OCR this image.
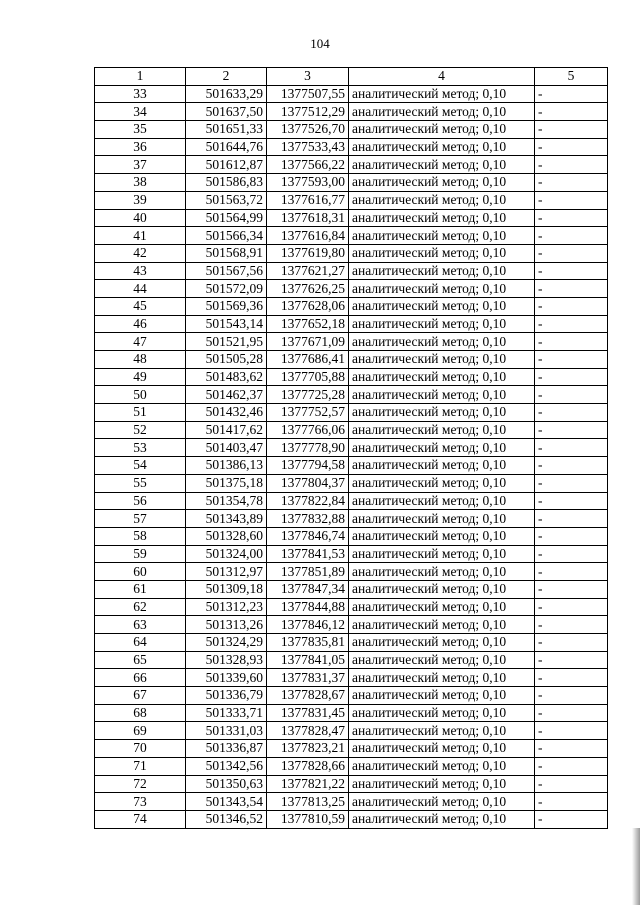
104
1	2	3	4	5
33	501633,29	1377507,55	аналитический метод; 0,10	-
34	501637,50	1377512,29	аналитический метод; 0,10	-
35	501651,33	1377526,70	аналитический метод; 0,10	-
36	501644,76	1377533,43	аналитический метод; 0,10	-
37	501612,87	1377566,22	аналитический метод; 0,10	-
38	501586,83	1377593,00	аналитический метод; 0,10	-
39	501563,72	1377616,77	аналитический метод; 0,10	-
40	501564,99	1377618,31	аналитический метод; 0,10	-
41	501566,34	1377616,84	аналитический метод; 0,10	-
42	501568,91	1377619,80	аналитический метод; 0,10	-
43	501567,56	1377621,27	аналитический метод; 0,10	-
44	501572,09	1377626,25	аналитический метод; 0,10	-
45	501569,36	1377628,06	аналитический метод; 0,10	-
46	501543,14	1377652,18	аналитический метод; 0,10	-
47	501521,95	1377671,09	аналитический метод; 0,10	-
48	501505,28	1377686,41	аналитический метод; 0,10	-
49	501483,62	1377705,88	аналитический метод; 0,10	-
50	501462,37	1377725,28	аналитический метод; 0,10	-
51	501432,46	1377752,57	аналитический метод; 0,10	-
52	501417,62	1377766,06	аналитический метод; 0,10	-
53	501403,47	1377778,90	аналитический метод; 0,10	-
54	501386,13	1377794,58	аналитический метод; 0,10	-
55	501375,18	1377804,37	аналитический метод; 0,10	-
56	501354,78	1377822,84	аналитический метод; 0,10	-
57	501343,89	1377832,88	аналитический метод; 0,10	-
58	501328,60	1377846,74	аналитический метод; 0,10	-
59	501324,00	1377841,53	аналитический метод; 0,10	-
60	501312,97	1377851,89	аналитический метод; 0,10	-
61	501309,18	1377847,34	аналитический метод; 0,10	-
62	501312,23	1377844,88	аналитический метод; 0,10	-
63	501313,26	1377846,12	аналитический метод; 0,10	-
64	501324,29	1377835,81	аналитический метод; 0,10	-
65	501328,93	1377841,05	аналитический метод; 0,10	-
66	501339,60	1377831,37	аналитический метод; 0,10	-
67	501336,79	1377828,67	аналитический метод; 0,10	-
68	501333,71	1377831,45	аналитический метод; 0,10	-
69	501331,03	1377828,47	аналитический метод; 0,10	-
70	501336,87	1377823,21	аналитический метод; 0,10	-
71	501342,56	1377828,66	аналитический метод; 0,10	-
72	501350,63	1377821,22	аналитический метод; 0,10	-
73	501343,54	1377813,25	аналитический метод; 0,10	-
74	501346,52	1377810,59	аналитический метод; 0,10	-
